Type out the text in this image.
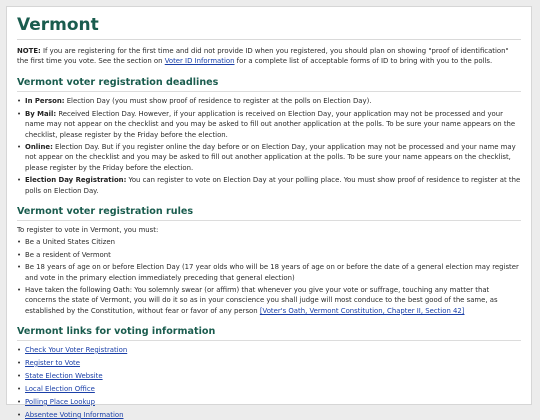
Vermont

NOTE: If you are registering for the first time and did not provide ID when you registered, you should plan on showing "proof of identification" the first time you vote. See the section on Voter ID Information for a complete list of acceptable forms of ID to bring with you to the polls.

Vermont voter registration deadlines
• In Person: Election Day (you must show proof of residence to register at the polls on Election Day).
• By Mail: Received Election Day. However, if your application is received on Election Day, your application may not be processed and your name may not appear on the checklist and you may be asked to fill out another application at the polls. To be sure your name appears on the checklist, please register by the Friday before the election.
• Online: Election Day. But if you register online the day before or on Election Day, your application may not be processed and your name may not appear on the checklist and you may be asked to fill out another application at the polls. To be sure your name appears on the checklist, please register by the Friday before the election.
• Election Day Registration: You can register to vote on Election Day at your polling place. You must show proof of residence to register at the polls on Election Day.
Vermont voter registration rules

To register to vote in Vermont, you must:

• Be a United States Citizen
• Be a resident of Vermont
• Be 18 years of age on or before Election Day (17 year olds who will be 18 years of age on or before the date of a general election may register and vote in the primary election immediately preceding that general election)
• Have taken the following Oath: You solemnly swear (or affirm) that whenever you give your vote or suffrage, touching any matter that concerns the state of Vermont, you will do it so as in your conscience you shall judge will most conduce to the best good of the same, as established by the Constitution, without fear or favor of any person [Voter's Oath, Vermont Constitution, Chapter II, Section 42]
Vermont links for voting information
• Check Your Voter Registration
• Register to Vote
• State Election Website
• Local Election Office
• Polling Place Lookup
• Absentee Voting Information
